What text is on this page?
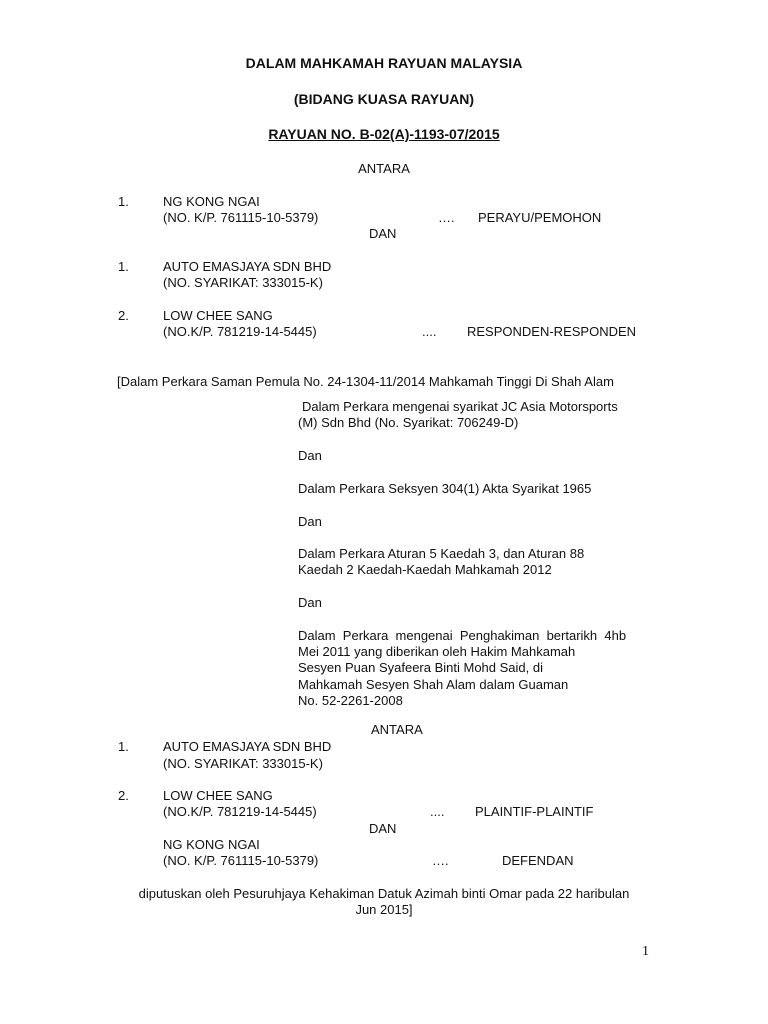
DALAM MAHKAMAH RAYUAN MALAYSIA
(BIDANG KUASA RAYUAN)
RAYUAN NO. B-02(A)-1193-07/2015
ANTARA
1.	NG KONG NGAI
(NO. K/P. 761115-10-5379)	…. PERAYU/PEMOHON
DAN
1.	AUTO EMASJAYA SDN BHD
(NO. SYARIKAT: 333015-K)
2.	LOW CHEE SANG
(NO.K/P. 781219-14-5445)	.... RESPONDEN-RESPONDEN
[Dalam Perkara Saman Pemula No. 24-1304-11/2014 Mahkamah Tinggi Di Shah Alam
Dalam Perkara mengenai syarikat JC Asia Motorsports
(M) Sdn Bhd (No. Syarikat: 706249-D)
Dan
Dalam Perkara Seksyen 304(1) Akta Syarikat 1965
Dan
Dalam Perkara Aturan 5 Kaedah 3, dan Aturan 88
Kaedah 2 Kaedah-Kaedah Mahkamah 2012
Dan
Dalam  Perkara  mengenai  Penghakiman  bertarikh  4hb
Mei 2011 yang diberikan oleh Hakim Mahkamah
Sesyen Puan Syafeera Binti Mohd Said, di
Mahkamah Sesyen Shah Alam dalam Guaman
No. 52-2261-2008
ANTARA
1.	AUTO EMASJAYA SDN BHD
(NO. SYARIKAT: 333015-K)
2.	LOW CHEE SANG
(NO.K/P. 781219-14-5445)	.... PLAINTIF-PLAINTIF
DAN
NG KONG NGAI
(NO. K/P. 761115-10-5379)	….	DEFENDAN
diputuskan oleh Pesuruhjaya Kehakiman Datuk Azimah binti Omar pada 22 haribulan
Jun 2015]
1
